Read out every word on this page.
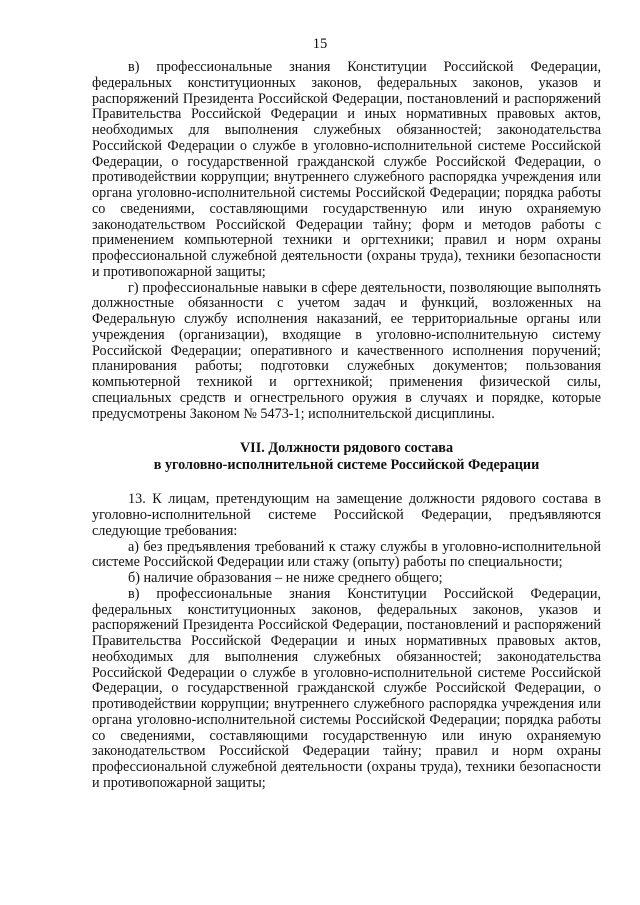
15

в) профессиональные знания Конституции Российской Федерации, федеральных конституционных законов, федеральных законов, указов и распоряжений Президента Российской Федерации, постановлений и распоряжений Правительства Российской Федерации и иных нормативных правовых актов, необходимых для выполнения служебных обязанностей; законодательства Российской Федерации о службе в уголовно-исполнительной системе Российской Федерации, о государственной гражданской службе Российской Федерации, о противодействии коррупции; внутреннего служебного распорядка учреждения или органа уголовно-исполнительной системы Российской Федерации; порядка работы со сведениями, составляющими государственную или иную охраняемую законодательством Российской Федерации тайну; форм и методов работы с применением компьютерной техники и оргтехники; правил и норм охраны профессиональной служебной деятельности (охраны труда), техники безопасности и противопожарной защиты;

г) профессиональные навыки в сфере деятельности, позволяющие выполнять должностные обязанности с учетом задач и функций, возложенных на Федеральную службу исполнения наказаний, ее территориальные органы или учреждения (организации), входящие в уголовно-исполнительную систему Российской Федерации; оперативного и качественного исполнения поручений; планирования работы; подготовки служебных документов; пользования компьютерной техникой и оргтехникой; применения физической силы, специальных средств и огнестрельного оружия в случаях и порядке, которые предусмотрены Законом № 5473-1; исполнительской дисциплины.

VII. Должности рядового состава
в уголовно-исполнительной системе Российской Федерации

13. К лицам, претендующим на замещение должности рядового состава в уголовно-исполнительной системе Российской Федерации, предъявляются следующие требования:

а) без предъявления требований к стажу службы в уголовно-исполнительной системе Российской Федерации или стажу (опыту) работы по специальности;

б) наличие образования – не ниже среднего общего;

в) профессиональные знания Конституции Российской Федерации, федеральных конституционных законов, федеральных законов, указов и распоряжений Президента Российской Федерации, постановлений и распоряжений Правительства Российской Федерации и иных нормативных правовых актов, необходимых для выполнения служебных обязанностей; законодательства Российской Федерации о службе в уголовно-исполнительной системе Российской Федерации, о государственной гражданской службе Российской Федерации, о противодействии коррупции; внутреннего служебного распорядка учреждения или органа уголовно-исполнительной системы Российской Федерации; порядка работы со сведениями, составляющими государственную или иную охраняемую законодательством Российской Федерации тайну; правил и норм охраны профессиональной служебной деятельности (охраны труда), техники безопасности и противопожарной защиты;
